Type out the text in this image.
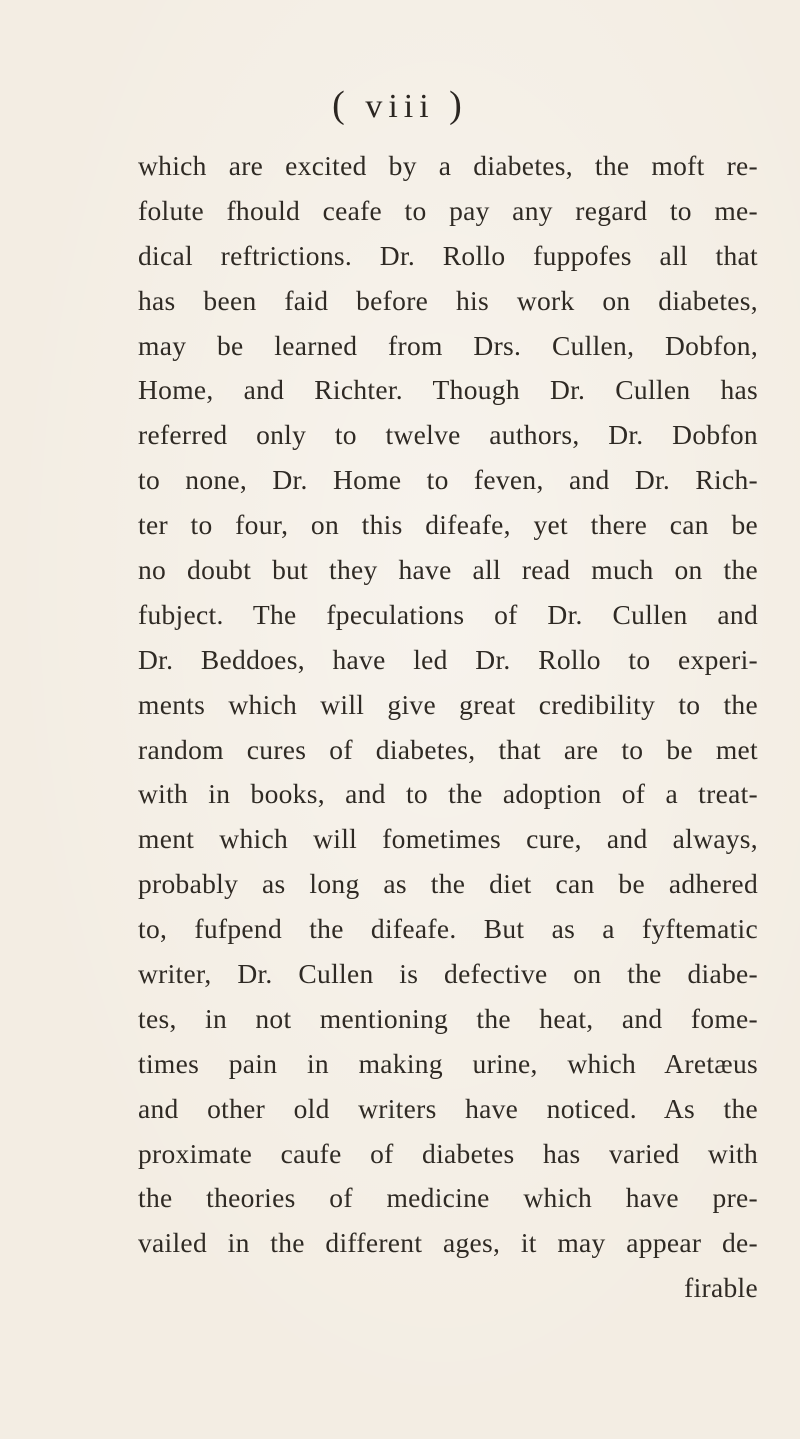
( viii )
which are excited by a diabetes, the moft re-
folute fhould ceafe to pay any regard to me-
dical reftrictions. Dr. Rollo fuppofes all that
has been faid before his work on diabetes,
may be learned from Drs. Cullen, Dobfon,
Home, and Richter. Though Dr. Cullen has
referred only to twelve authors, Dr. Dobfon
to none, Dr. Home to feven, and Dr. Rich-
ter to four, on this difeafe, yet there can be
no doubt but they have all read much on the
fubject. The fpeculations of Dr. Cullen and
Dr. Beddoes, have led Dr. Rollo to experi-
ments which will give great credibility to the
random cures of diabetes, that are to be met
with in books, and to the adoption of a treat-
ment which will fometimes cure, and always,
probably as long as the diet can be adhered
to, fufpend the difeafe. But as a fyftematic
writer, Dr. Cullen is defective on the diabe-
tes, in not mentioning the heat, and fome-
times pain in making urine, which Aretæus
and other old writers have noticed. As the
proximate caufe of diabetes has varied with
the theories of medicine which have pre-
vailed in the different ages, it may appear de-
firable
